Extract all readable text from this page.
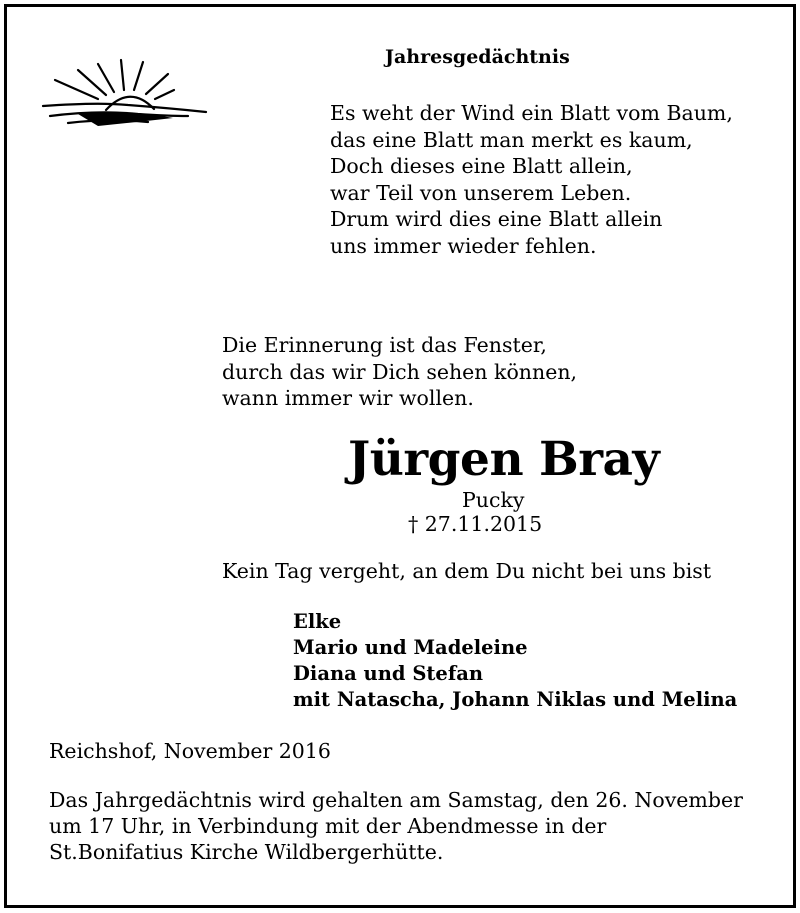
Jahresgedächtnis
Es weht der Wind ein Blatt vom Baum,
das eine Blatt man merkt es kaum,
Doch dieses eine Blatt allein,
war Teil von unserem Leben.
Drum wird dies eine Blatt allein
uns immer wieder fehlen.
Die Erinnerung ist das Fenster,
durch das wir Dich sehen können,
wann immer wir wollen.
Jürgen Bray
Pucky
† 27.11.2015
Kein Tag vergeht, an dem Du nicht bei uns bist
Elke
Mario und Madeleine
Diana und Stefan
mit Natascha, Johann Niklas und Melina
Reichshof, November 2016
Das Jahrgedächtnis wird gehalten am Samstag, den 26. November
um 17 Uhr, in Verbindung mit der Abendmesse in der
St.Bonifatius Kirche Wildbergerhütte.
